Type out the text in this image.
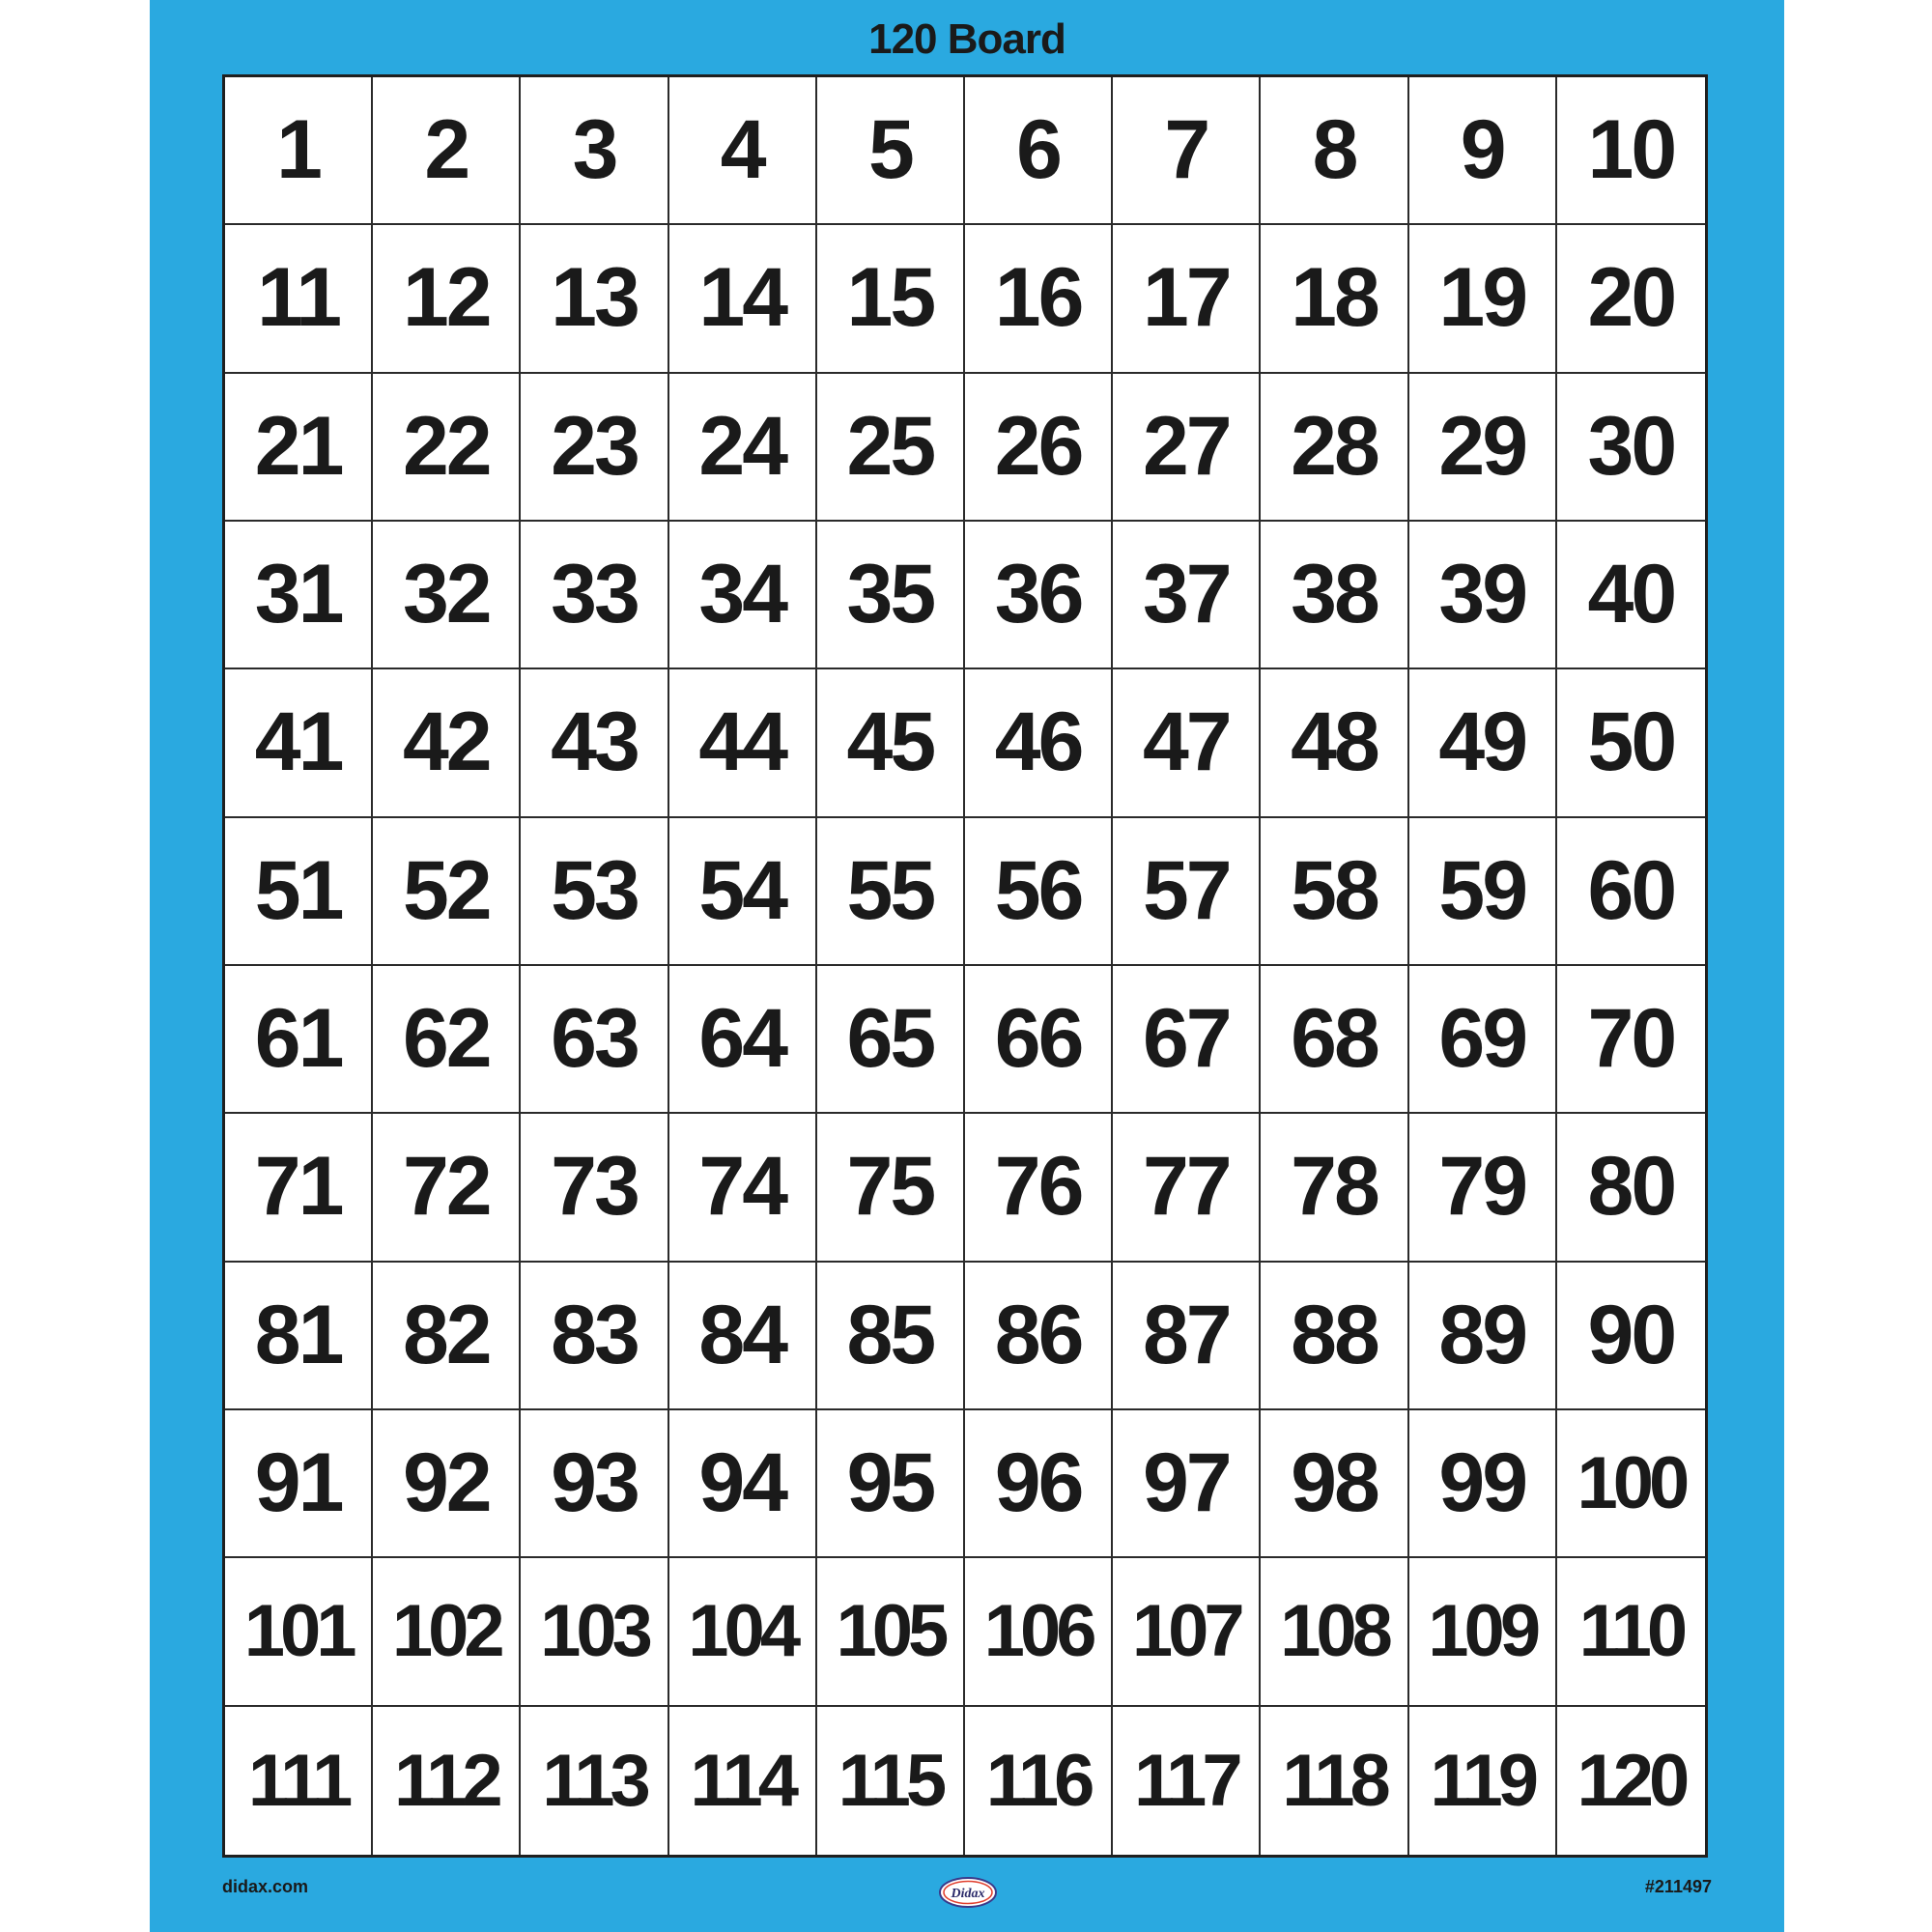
120 Board
1	2	3	4	5	6	7	8	9	10
11 12 13 14 15 16 17 18 19 20
21 22 23 24 25 26 27 28 29 30
31 32 33 34 35 36 37 38 39 40
41 42 43 44 45 46 47 48 49 50
51 52 53 54 55 56 57 58 59 60
61 62 63 64 65 66 67 68 69 70
71 72 73 74 75 76 77 78 79 80
81 82 83 84 85 86 87 88 89 90
91 92 93 94 95 96 97 98 99 100
101 102 103 104 105 106 107 108 109 110
111 112 113 114 115 116 117 118 119 120
didax.com	Didax	#211497
